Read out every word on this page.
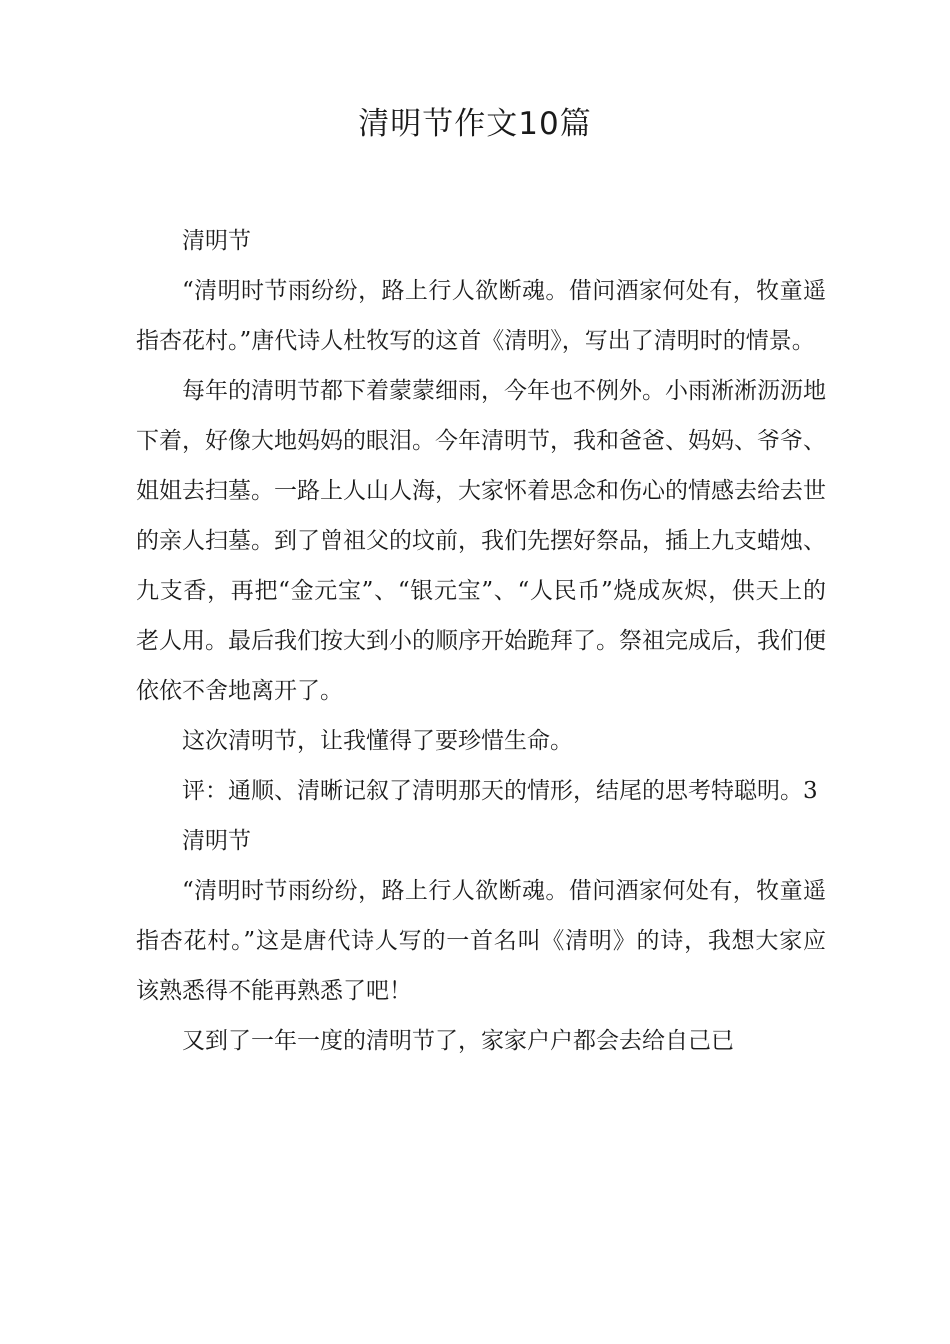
清明节作文10篇

清明节

“清明时节雨纷纷，路上行人欲断魂。借问酒家何处有，牧童遥指杏花村。”唐代诗人杜牧写的这首《清明》，写出了清明时的情景。

每年的清明节都下着蒙蒙细雨，今年也不例外。小雨淅淅沥沥地下着，好像大地妈妈的眼泪。今年清明节，我和爸爸、妈妈、爷爷、姐姐去扫墓。一路上人山人海，大家怀着思念和伤心的情感去给去世的亲人扫墓。到了曾祖父的坟前，我们先摆好祭品，插上九支蜡烛、九支香，再把“金元宝”、“银元宝”、“人民币”烧成灰烬，供天上的老人用。最后我们按大到小的顺序开始跪拜了。祭祖完成后，我们便依依不舍地离开了。

这次清明节，让我懂得了要珍惜生命。

评：通顺、清晰记叙了清明那天的情形，结尾的思考特聪明。3

清明节

“清明时节雨纷纷，路上行人欲断魂。借问酒家何处有，牧童遥指杏花村。”这是唐代诗人写的一首名叫《清明》的诗，我想大家应该熟悉得不能再熟悉了吧！

又到了一年一度的清明节了，家家户户都会去给自己已
